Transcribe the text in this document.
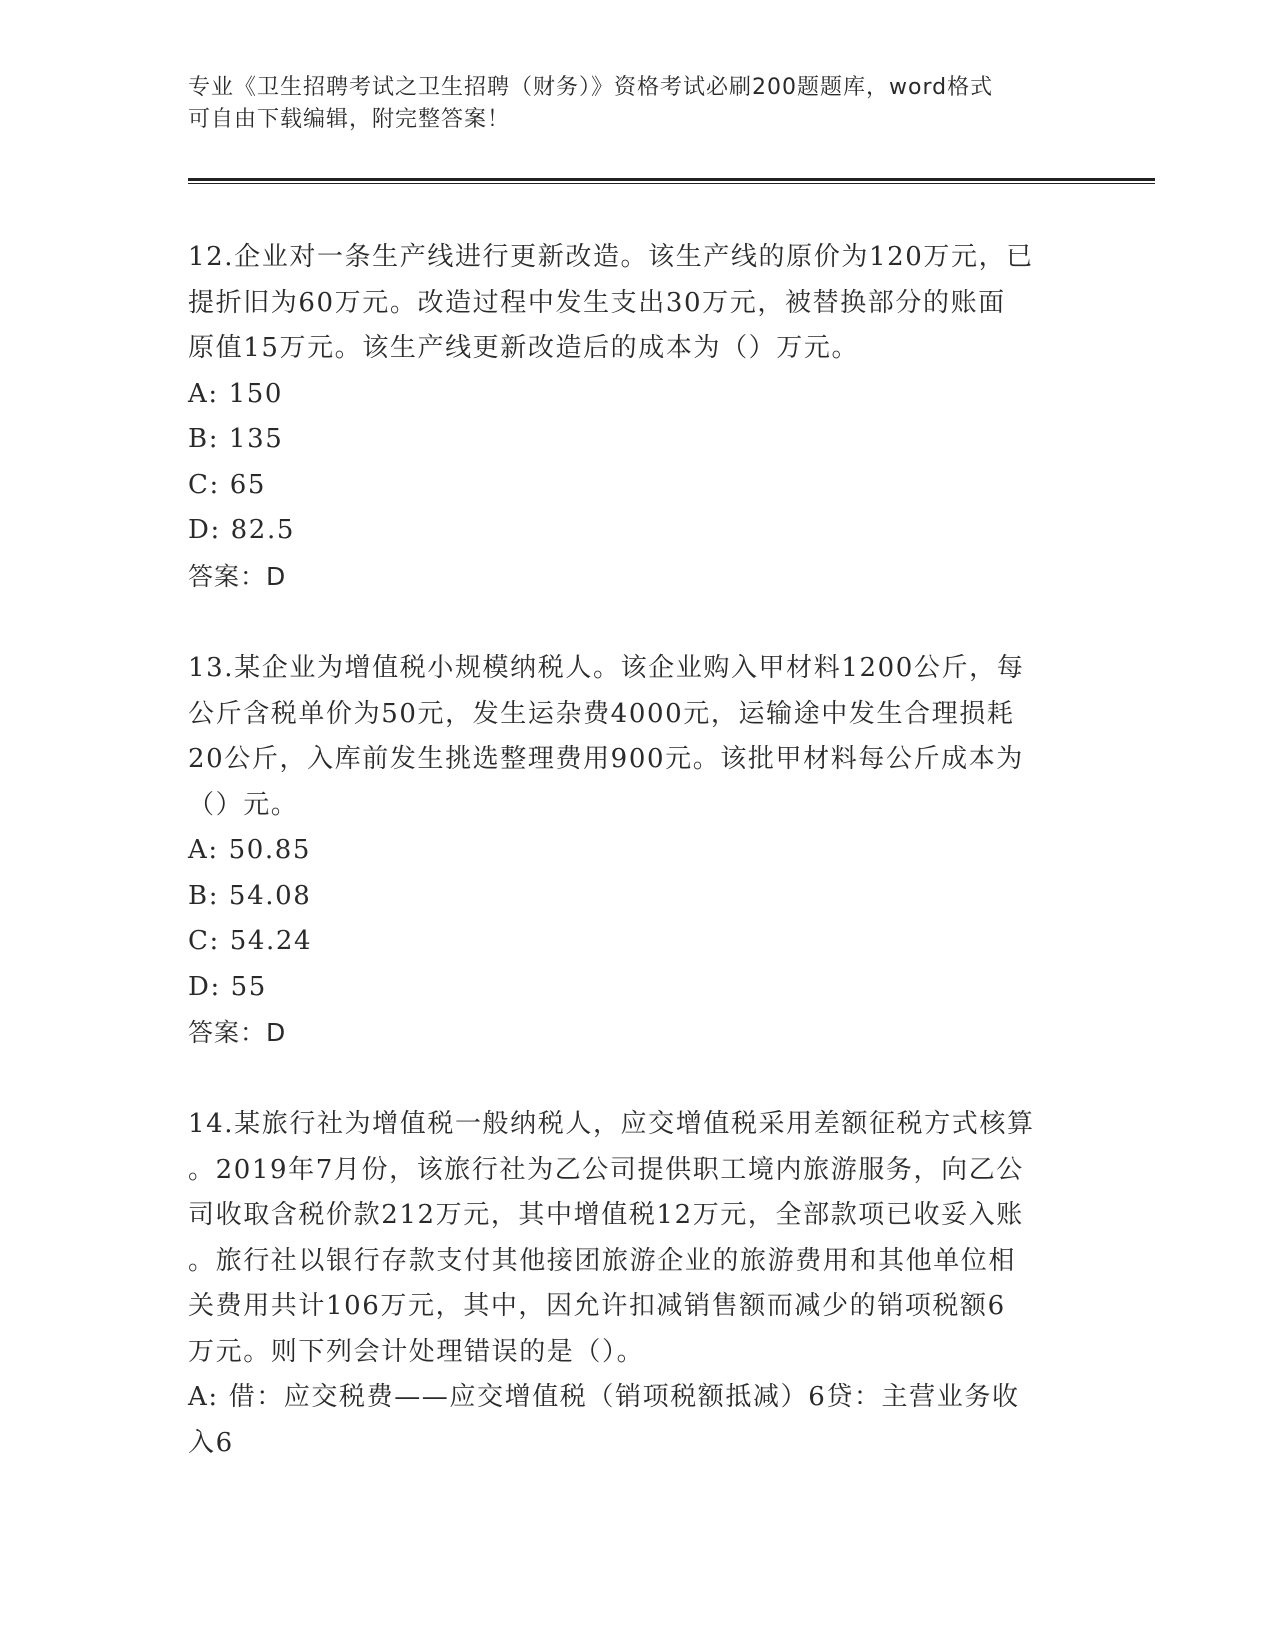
专业《卫生招聘考试之卫生招聘（财务）》资格考试必刷200题题库，word格式

可自由下载编辑，附完整答案！

12.企业对一条生产线进行更新改造。该生产线的原价为120万元，已

提折旧为60万元。改造过程中发生支出30万元，被替换部分的账面

原值15万元。该生产线更新改造后的成本为（）万元。

A: 150

B: 135

C: 65

D: 82.5

答案：D

13.某企业为增值税小规模纳税人。该企业购入甲材料1200公斤，每

公斤含税单价为50元，发生运杂费4000元，运输途中发生合理损耗

20公斤，入库前发生挑选整理费用900元。该批甲材料每公斤成本为

（）元。

A: 50.85

B: 54.08

C: 54.24

D: 55

答案：D

14.某旅行社为增值税一般纳税人，应交增值税采用差额征税方式核算

。2019年7月份，该旅行社为乙公司提供职工境内旅游服务，向乙公

司收取含税价款212万元，其中增值税12万元，全部款项已收妥入账

。旅行社以银行存款支付其他接团旅游企业的旅游费用和其他单位相

关费用共计106万元，其中，因允许扣减销售额而减少的销项税额6

万元。则下列会计处理错误的是（）。

A: 借：应交税费——应交增值税（销项税额抵减）6贷：主营业务收

入6
